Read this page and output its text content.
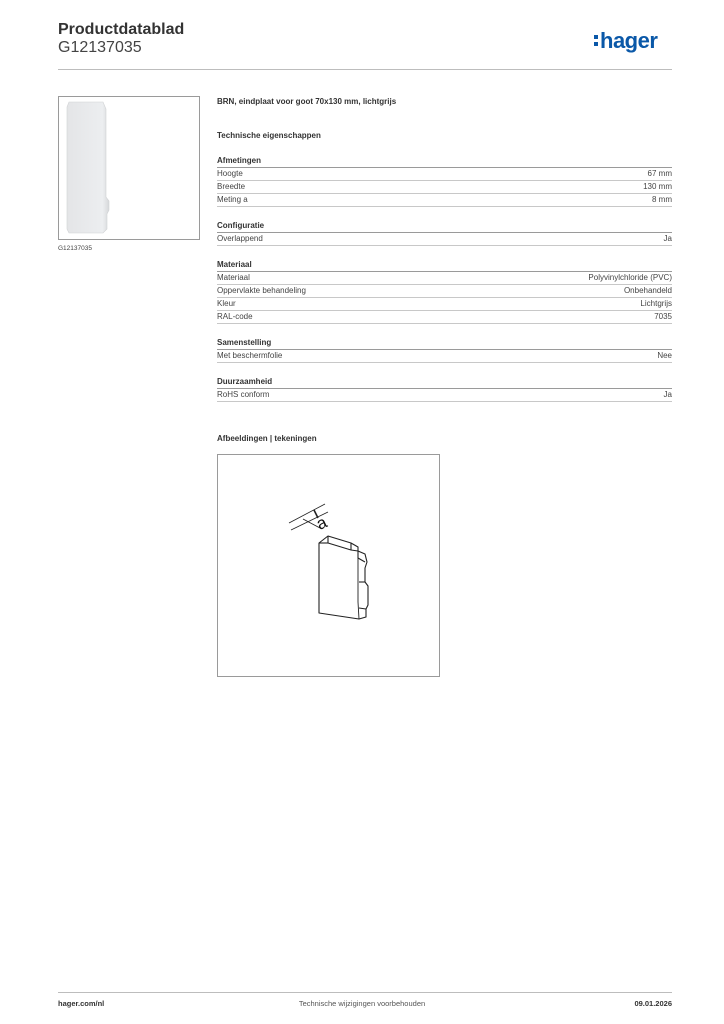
Productdatablad
G12137035	hager
G12137035
BRN, eindplaat voor goot 70x130 mm, lichtgrijs
Technische eigenschappen
Afmetingen
Hoogte	67 mm
Breedte	130 mm
Meting a	8 mm
Configuratie
Overlappend	Ja
Materiaal
Materiaal	Polyvinylchloride (PVC)
Oppervlakte behandeling	Onbehandeld
Kleur	Lichtgrijs
RAL-code	7035
Samenstelling
Met beschermfolie	Nee
Duurzaamheid
RoHS conform	Ja
Afbeeldingen | tekeningen
a
hager.com/nl	Technische wijzigingen voorbehouden	09.01.2026
